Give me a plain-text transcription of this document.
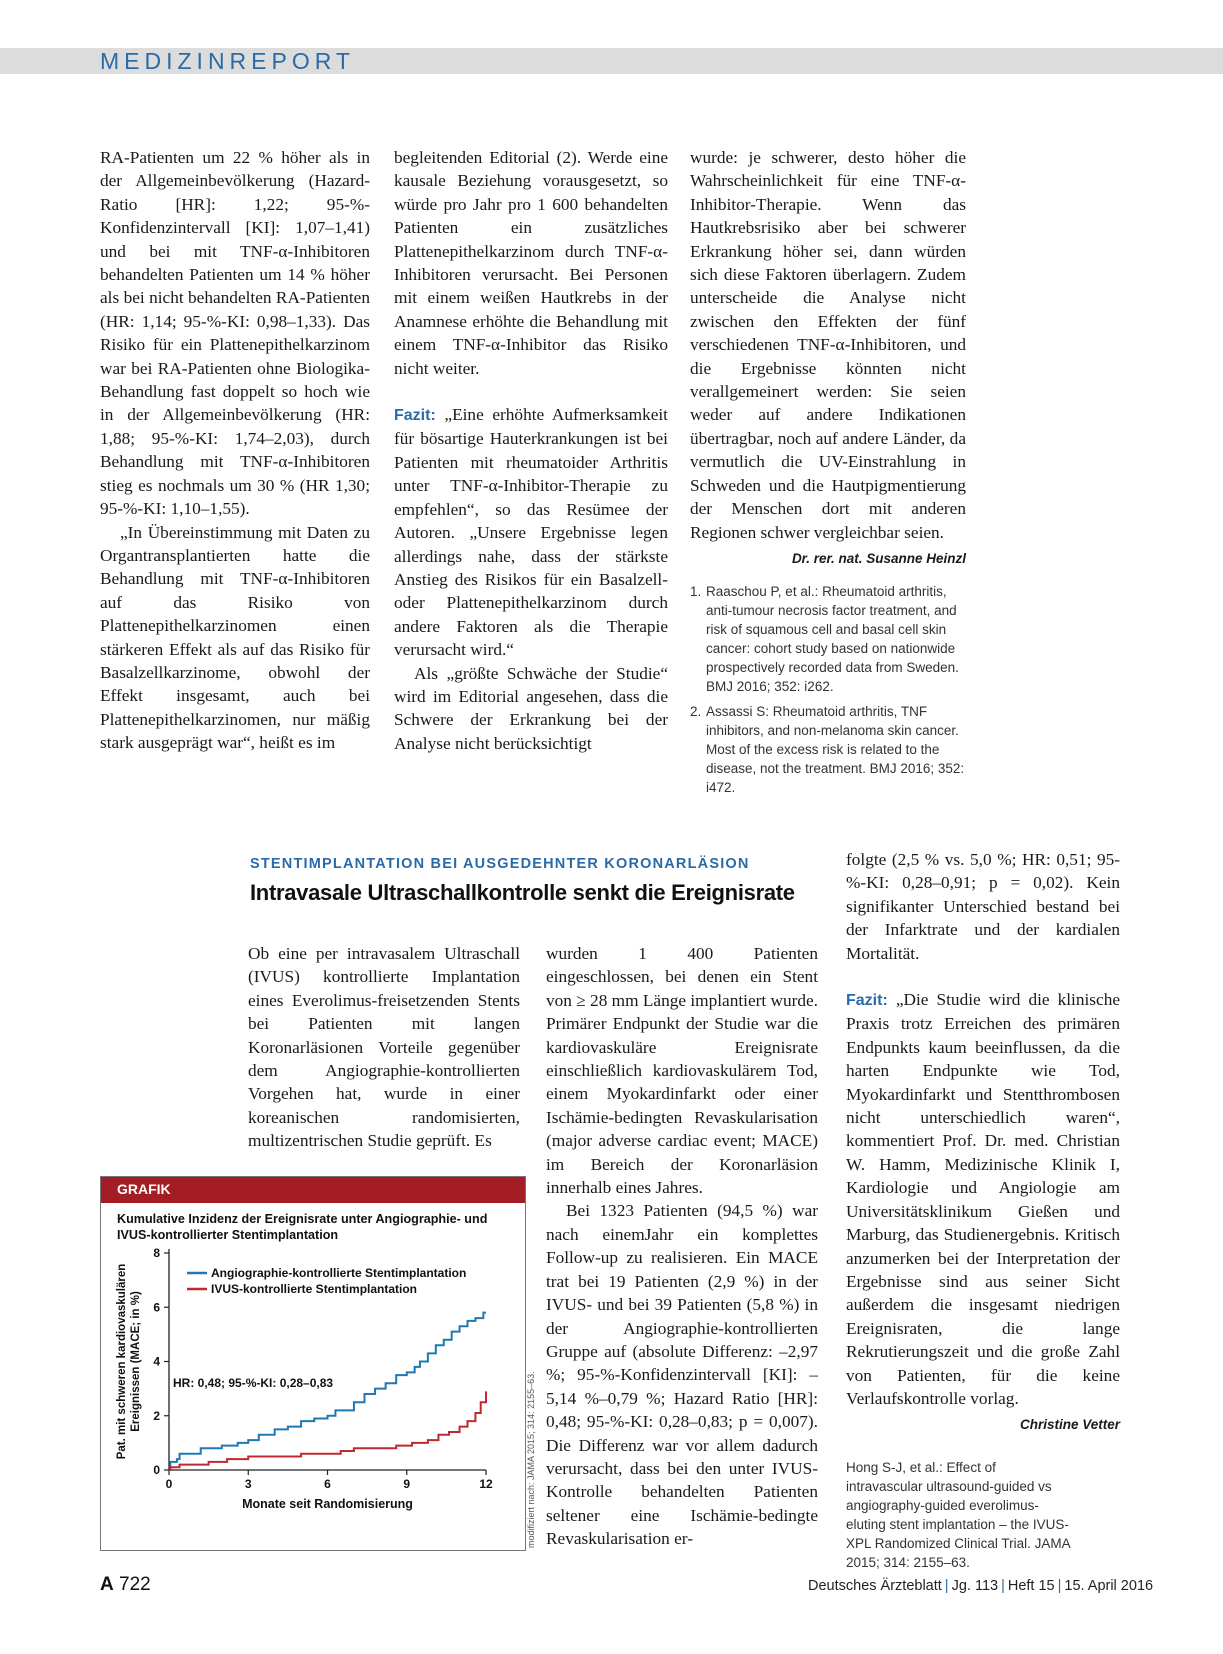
MEDIZINREPORT

RA-Patienten um 22 % höher als in der Allgemeinbevölkerung (Hazard-Ratio [HR]: 1,22; 95-%-Konfidenzintervall [KI]: 1,07–1,41) und bei mit TNF-α-Inhibitoren behandelten Patienten um 14 % höher als bei nicht behandelten RA-Patienten (HR: 1,14; 95-%-KI: 0,98–1,33). Das Risiko für ein Plattenepithelkarzinom war bei RA-Patienten ohne Biologika-Behandlung fast doppelt so hoch wie in der Allgemeinbevölkerung (HR: 1,88; 95-%-KI: 1,74–2,03), durch Behandlung mit TNF-α-Inhibitoren stieg es nochmals um 30 % (HR 1,30; 95-%-KI: 1,10–1,55).

„In Übereinstimmung mit Daten zu Organtransplantierten hatte die Behandlung mit TNF-α-Inhibitoren auf das Risiko von Plattenepithelkarzinomen einen stärkeren Effekt als auf das Risiko für Basalzellkarzinome, obwohl der Effekt insgesamt, auch bei Plattenepithelkarzinomen, nur mäßig stark ausgeprägt war“, heißt es im

begleitenden Editorial (2). Werde eine kausale Beziehung vorausgesetzt, so würde pro Jahr pro 1 600 behandelten Patienten ein zusätzliches Plattenepithelkarzinom durch TNF-α-Inhibitoren verursacht. Bei Personen mit einem weißen Hautkrebs in der Anamnese erhöhte die Behandlung mit einem TNF-α-Inhibitor das Risiko nicht weiter.

Fazit: „Eine erhöhte Aufmerksamkeit für bösartige Hauterkrankungen ist bei Patienten mit rheumatoider Arthritis unter TNF-α-Inhibitor-Therapie zu empfehlen“, so das Resümee der Autoren. „Unsere Ergebnisse legen allerdings nahe, dass der stärkste Anstieg des Risikos für ein Basalzell- oder Plattenepithelkarzinom durch andere Faktoren als die Therapie verursacht wird.“

Als „größte Schwäche der Studie“ wird im Editorial angesehen, dass die Schwere der Erkrankung bei der Analyse nicht berücksichtigt

wurde: je schwerer, desto höher die Wahrscheinlichkeit für eine TNF-α-Inhibitor-Therapie. Wenn das Hautkrebsrisiko aber bei schwerer Erkrankung höher sei, dann würden sich diese Faktoren überlagern. Zudem unterscheide die Analyse nicht zwischen den Effekten der fünf verschiedenen TNF-α-Inhibitoren, und die Ergebnisse könnten nicht verallgemeinert werden: Sie seien weder auf andere Indikationen übertragbar, noch auf andere Länder, da vermutlich die UV-Einstrahlung in Schweden und die Hautpigmentierung der Menschen dort mit anderen Regionen schwer vergleichbar seien.

Dr. rer. nat. Susanne Heinzl

1. Raaschou P, et al.: Rheumatoid arthritis, anti-tumour necrosis factor treatment, and risk of squamous cell and basal cell skin cancer: cohort study based on nationwide prospectively recorded data from Sweden. BMJ 2016; 352: i262.
2. Assassi S: Rheumatoid arthritis, TNF inhibitors, and non-melanoma skin cancer. Most of the excess risk is related to the disease, not the treatment. BMJ 2016; 352: i472.
STENTIMPLANTATION BEI AUSGEDEHNTER KORONARLÄSION
Intravasale Ultraschallkontrolle senkt die Ereignisrate

Ob eine per intravasalem Ultraschall (IVUS) kontrollierte Implantation eines Everolimus-freisetzenden Stents bei Patienten mit langen Koronarläsionen Vorteile gegenüber dem Angiographie-kontrollierten Vorgehen hat, wurde in einer koreanischen randomisierten, multizentrischen Studie geprüft. Es

wurden 1 400 Patienten eingeschlossen, bei denen ein Stent von ≥ 28 mm Länge implantiert wurde. Primärer Endpunkt der Studie war die kardiovaskuläre Ereignisrate einschließlich kardiovaskulärem Tod, einem Myokardinfarkt oder einer Ischämie-bedingten Revaskularisation (major adverse cardiac event; MACE) im Bereich der Koronarläsion innerhalb eines Jahres.

Bei 1323 Patienten (94,5 %) war nach einemJahr ein komplettes Follow-up zu realisieren. Ein MACE trat bei 19 Patienten (2,9 %) in der IVUS- und bei 39 Patienten (5,8 %) in der Angiographie-kontrollierten Gruppe auf (absolute Differenz: –2,97 %; 95-%-Konfidenzintervall [KI]: –5,14 %–0,79 %; Hazard Ratio [HR]: 0,48; 95-%-KI: 0,28–0,83; p = 0,007). Die Differenz war vor allem dadurch verursacht, dass bei den unter IVUS-Kontrolle behandelten Patienten seltener eine Ischämie-bedingte Revaskularisation er-

folgte (2,5 % vs. 5,0 %; HR: 0,51; 95-%-KI: 0,28–0,91; p = 0,02). Kein signifikanter Unterschied bestand bei der Infarktrate und der kardialen Mortalität.

Fazit: „Die Studie wird die klinische Praxis trotz Erreichen des primären Endpunkts kaum beeinflussen, da die harten Endpunkte wie Tod, Myokardinfarkt und Stentthrombosen nicht unterschiedlich waren“, kommentiert Prof. Dr. med. Christian W. Hamm, Medizinische Klinik I, Kardiologie und Angiologie am Universitätsklinikum Gießen und Marburg, das Studienergebnis. Kritisch anzumerken bei der Interpretation der Ergebnisse sind aus seiner Sicht außerdem die insgesamt niedrigen Ereignisraten, die lange Rekrutierungszeit und die große Zahl von Patienten, für die keine Verlaufskontrolle vorlag.

Christine Vetter

Hong S-J, et al.: Effect of intravascular ultrasound-guided vs angiography-guided everolimus-eluting stent implantation – the IVUS-XPL Randomized Clinical Trial. JAMA 2015; 314: 2155–63.
GRAFIK
Kumulative Inzidenz der Ereignisrate unter Angiographie- und IVUS-kontrollierter Stentimplantation
0
2
4
6
8
0	3	6	9	12
Monate seit Randomisierung
Pat. mit schweren kardiovaskulären Ereignissen (MACE; in %)
Angiographie-kontrollierte Stentimplantation
IVUS-kontrollierte Stentimplantation
HR: 0,48; 95-%-KI: 0,28–0,83	modifiziert nach: JAMA 2015; 314: 2155–63.
A 722	Deutsches Ärzteblatt | Jg. 113 | Heft 15 | 15. April 2016
